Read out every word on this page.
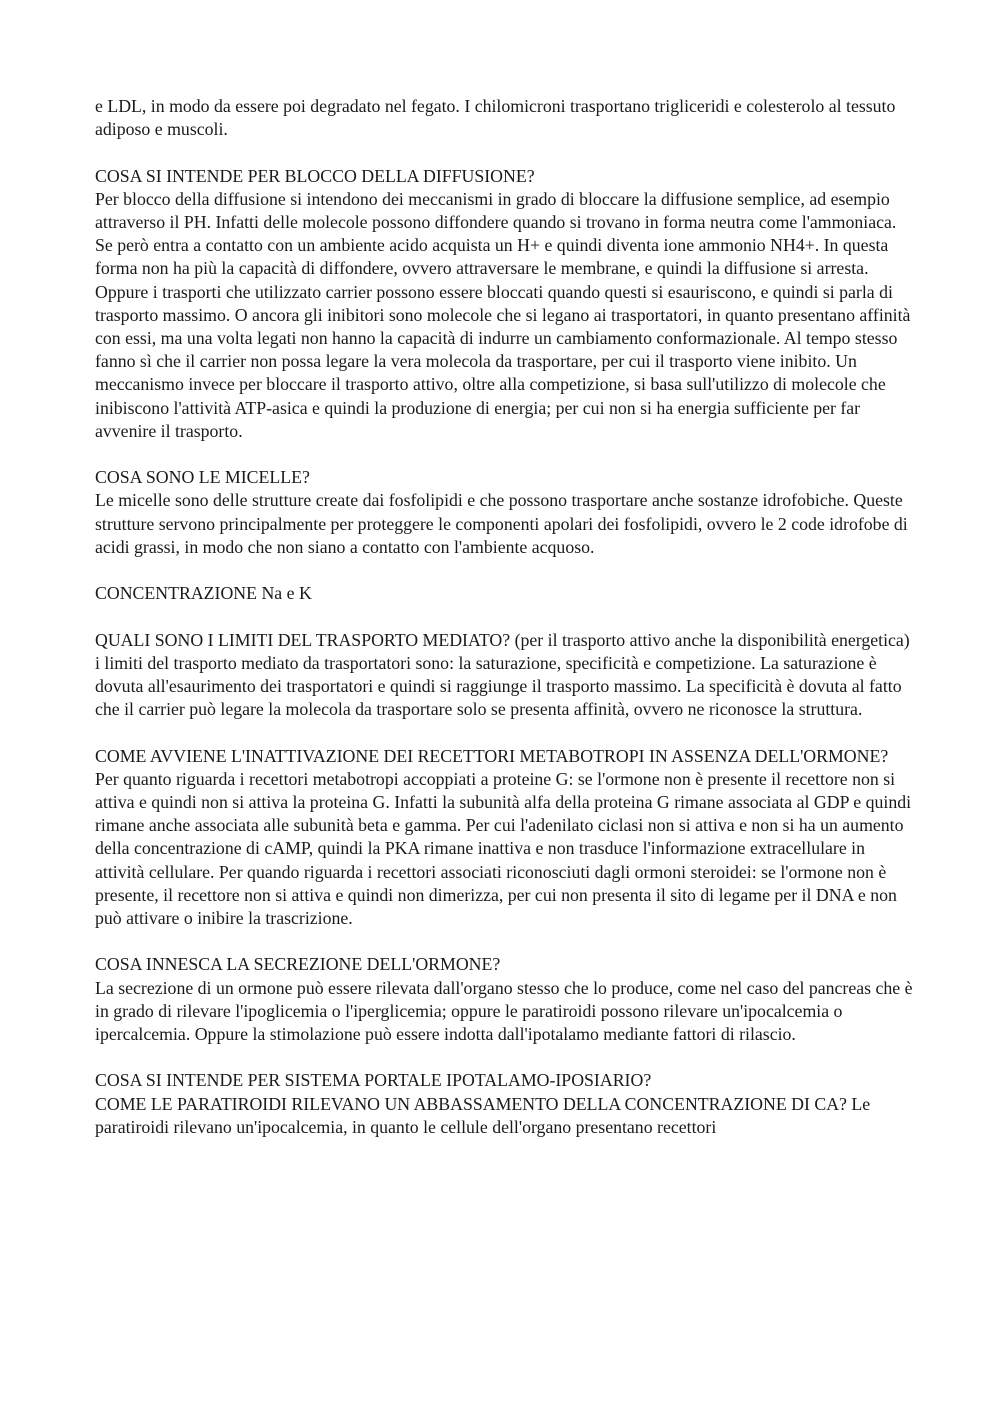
e LDL, in modo da essere poi degradato nel fegato. I chilomicroni trasportano trigliceridi e colesterolo al tessuto adiposo e muscoli.

COSA SI INTENDE PER BLOCCO DELLA DIFFUSIONE?

Per blocco della diffusione si intendono dei meccanismi in grado di bloccare la diffusione semplice, ad esempio attraverso il PH. Infatti delle molecole possono diffondere quando si trovano in forma neutra come l'ammoniaca. Se però entra a contatto con un ambiente acido acquista un H+ e quindi diventa ione ammonio NH4+. In questa forma non ha più la capacità di diffondere, ovvero attraversare le membrane, e quindi la diffusione si arresta. Oppure i trasporti che utilizzato carrier possono essere bloccati quando questi si esauriscono, e quindi si parla di trasporto massimo. O ancora gli inibitori sono molecole che si legano ai trasportatori, in quanto presentano affinità con essi, ma una volta legati non hanno la capacità di indurre un cambiamento conformazionale. Al tempo stesso fanno sì che il carrier non possa legare la vera molecola da trasportare, per cui il trasporto viene inibito. Un meccanismo invece per bloccare il trasporto attivo, oltre alla competizione, si basa sull'utilizzo di molecole che inibiscono l'attività ATP-asica e quindi la produzione di energia; per cui non si ha energia sufficiente per far avvenire il trasporto.

COSA SONO LE MICELLE?

Le micelle sono delle strutture create dai fosfolipidi e che possono trasportare anche sostanze idrofobiche. Queste strutture servono principalmente per proteggere le componenti apolari dei fosfolipidi, ovvero le 2 code idrofobe di acidi grassi, in modo che non siano a contatto con l'ambiente acquoso.

CONCENTRAZIONE Na e K

QUALI SONO I LIMITI DEL TRASPORTO MEDIATO? (per il trasporto attivo anche la disponibilità energetica)

i limiti del trasporto mediato da trasportatori sono: la saturazione, specificità e competizione. La saturazione è dovuta all'esaurimento dei trasportatori e quindi si raggiunge il trasporto massimo. La specificità è dovuta al fatto che il carrier può legare la molecola da trasportare solo se presenta affinità, ovvero ne riconosce la struttura.

COME AVVIENE L'INATTIVAZIONE DEI RECETTORI METABOTROPI IN ASSENZA DELL'ORMONE?

Per quanto riguarda i recettori metabotropi accoppiati a proteine G: se l'ormone non è presente il recettore non si attiva e quindi non si attiva la proteina G. Infatti la subunità alfa della proteina G rimane associata al GDP e quindi rimane anche associata alle subunità beta e gamma. Per cui l'adenilato ciclasi non si attiva e non si ha un aumento della concentrazione di cAMP, quindi la PKA rimane inattiva e non trasduce l'informazione extracellulare in attività cellulare. Per quando riguarda i recettori associati riconosciuti dagli ormoni steroidei: se l'ormone non è presente, il recettore non si attiva e quindi non dimerizza, per cui non presenta il sito di legame per il DNA e non può attivare o inibire la trascrizione.

COSA INNESCA LA SECREZIONE DELL'ORMONE?

La secrezione di un ormone può essere rilevata dall'organo stesso che lo produce, come nel caso del pancreas che è in grado di rilevare l'ipoglicemia o l'iperglicemia; oppure le paratiroidi possono rilevare un'ipocalcemia o ipercalcemia. Oppure la stimolazione può essere indotta dall'ipotalamo mediante fattori di rilascio.

COSA SI INTENDE PER SISTEMA PORTALE IPOTALAMO-IPOSIARIO?

COME LE PARATIROIDI RILEVANO UN ABBASSAMENTO DELLA CONCENTRAZIONE DI CA? Le paratiroidi rilevano un'ipocalcemia, in quanto le cellule dell'organo presentano recettori
